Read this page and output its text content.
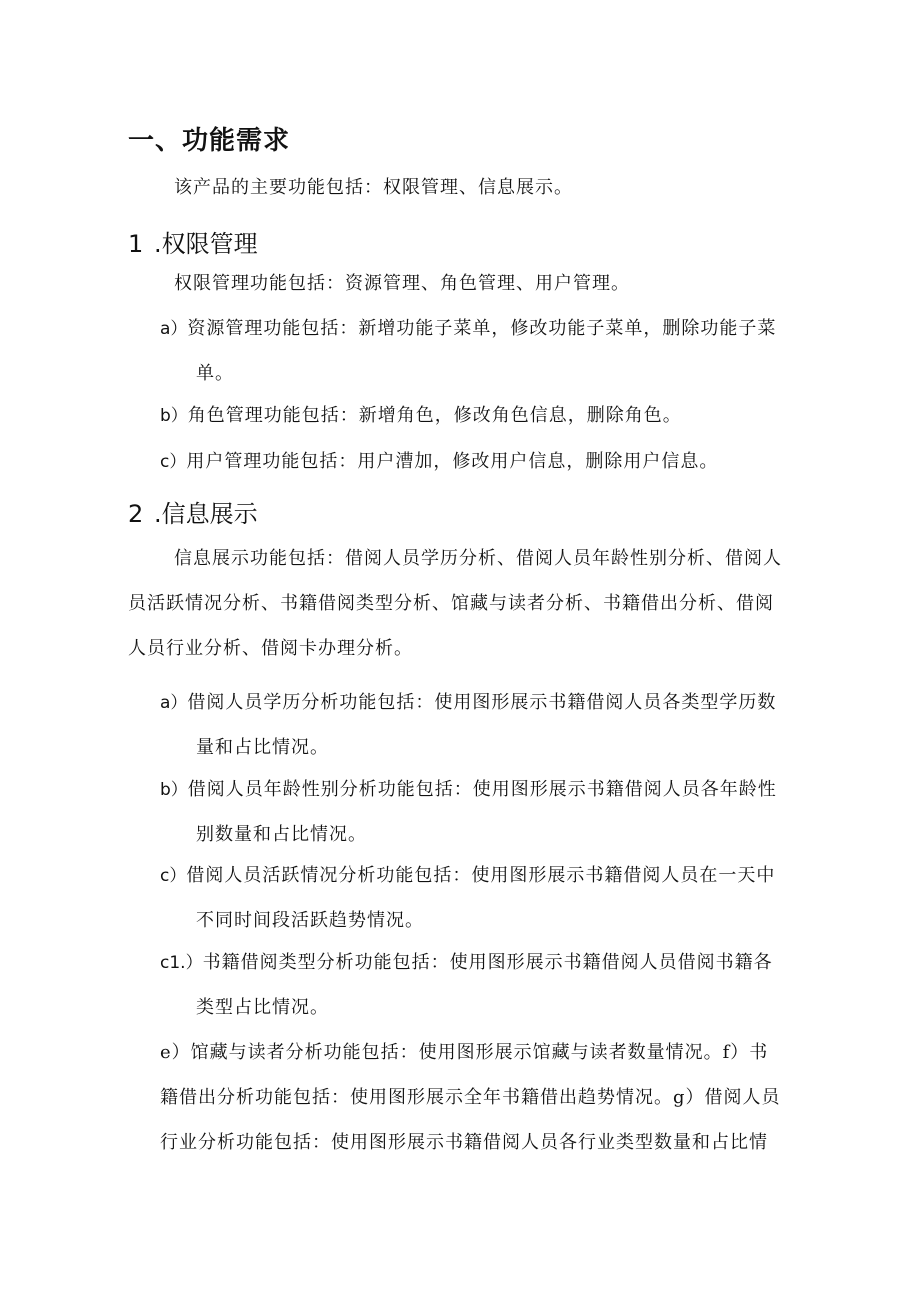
一、功能需求
该产品的主要功能包括：权限管理、信息展示。
1 .权限管理
权限管理功能包括：资源管理、角色管理、用户管理。
a）资源管理功能包括：新增功能子菜单，修改功能子菜单，删除功能子菜
单。
b）角色管理功能包括：新增角色，修改角色信息，删除角色。
c）用户管理功能包括：用户漕加，修改用户信息，删除用户信息。
2 .信息展示
信息展示功能包括：借阅人员学历分析、借阅人员年龄性别分析、借阅人
员活跃情况分析、书籍借阅类型分析、馆藏与读者分析、书籍借出分析、借阅
人员行业分析、借阅卡办理分析。
a）借阅人员学历分析功能包括：使用图形展示书籍借阅人员各类型学历数
量和占比情况。
b）借阅人员年龄性别分析功能包括：使用图形展示书籍借阅人员各年龄性
别数量和占比情况。
c）借阅人员活跃情况分析功能包括：使用图形展示书籍借阅人员在一天中
不同时间段活跃趋势情况。
c1.）书籍借阅类型分析功能包括：使用图形展示书籍借阅人员借阅书籍各
类型占比情况。
e）馆藏与读者分析功能包括：使用图形展示馆藏与读者数量情况。f）书
籍借出分析功能包括：使用图形展示全年书籍借出趋势情况。g）借阅人员
行业分析功能包括：使用图形展示书籍借阅人员各行业类型数量和占比情
